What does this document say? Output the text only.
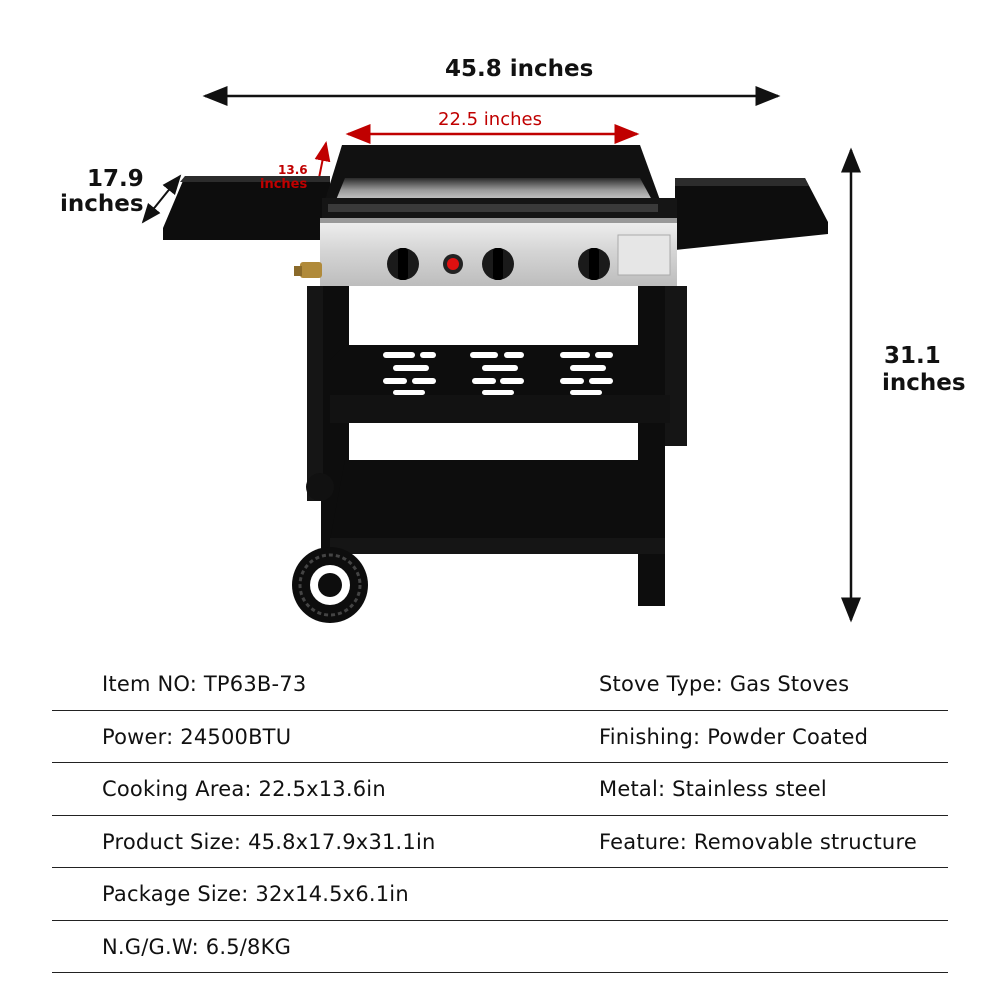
45.8 inches
22.5 inches
17.9
inches
13.6
inches
31.1
inches
Item NO: TP63B-73	Stove Type: Gas Stoves
Power: 24500BTU	Finishing: Powder Coated
Cooking Area: 22.5x13.6in	Metal: Stainless steel
Product Size: 45.8x17.9x31.1in	Feature: Removable structure
Package Size: 32x14.5x6.1in
N.G/G.W: 6.5/8KG
